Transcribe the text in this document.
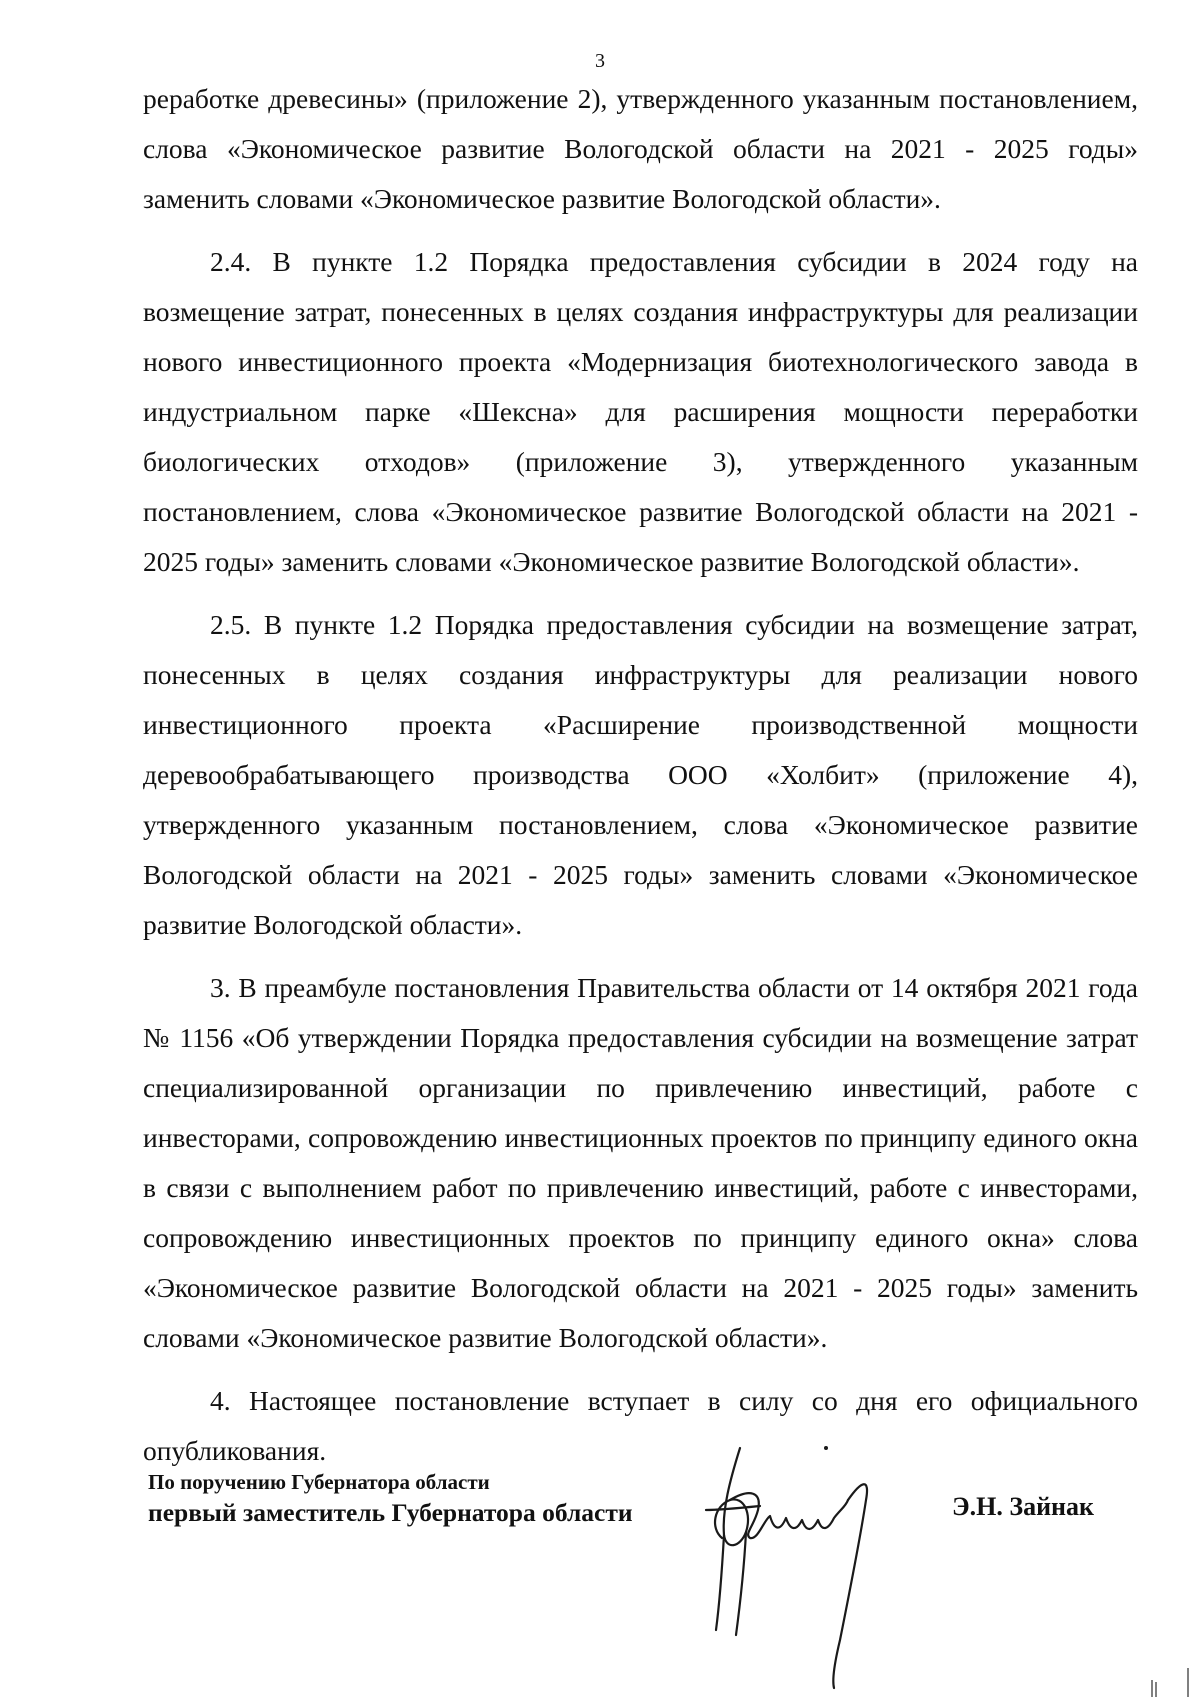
3

реработке древесины» (приложение 2), утвержденного указанным постановлением, слова «Экономическое развитие Вологодской области на 2021 - 2025 годы» заменить словами «Экономическое развитие Вологодской области».

2.4. В пункте 1.2 Порядка предоставления субсидии в 2024 году на возмещение затрат, понесенных в целях создания инфраструктуры для реализации нового инвестиционного проекта «Модернизация биотехнологического завода в индустриальном парке «Шексна» для расширения мощности переработки биологических отходов» (приложение 3), утвержденного указанным постановлением, слова «Экономическое развитие Вологодской области на 2021 - 2025 годы» заменить словами «Экономическое развитие Вологодской области».

2.5. В пункте 1.2 Порядка предоставления субсидии на возмещение затрат, понесенных в целях создания инфраструктуры для реализации нового инвестиционного проекта «Расширение производственной мощности деревообрабатывающего производства ООО «Холбит» (приложение 4), утвержденного указанным постановлением, слова «Экономическое развитие Вологодской области на 2021 - 2025 годы» заменить словами «Экономическое развитие Вологодской области».

3. В преамбуле постановления Правительства области от 14 октября 2021 года № 1156 «Об утверждении Порядка предоставления субсидии на возмещение затрат специализированной организации по привлечению инвестиций, работе с инвесторами, сопровождению инвестиционных проектов по принципу единого окна в связи с выполнением работ по привлечению инвестиций, работе с инвесторами, сопровождению инвестиционных проектов по принципу единого окна» слова «Экономическое развитие Вологодской области на 2021 - 2025 годы» заменить словами «Экономическое развитие Вологодской области».

4. Настоящее постановление вступает в силу со дня его официального опубликования.

По поручению Губернатора области
первый заместитель Губернатора области	Э.Н. Зайнак
